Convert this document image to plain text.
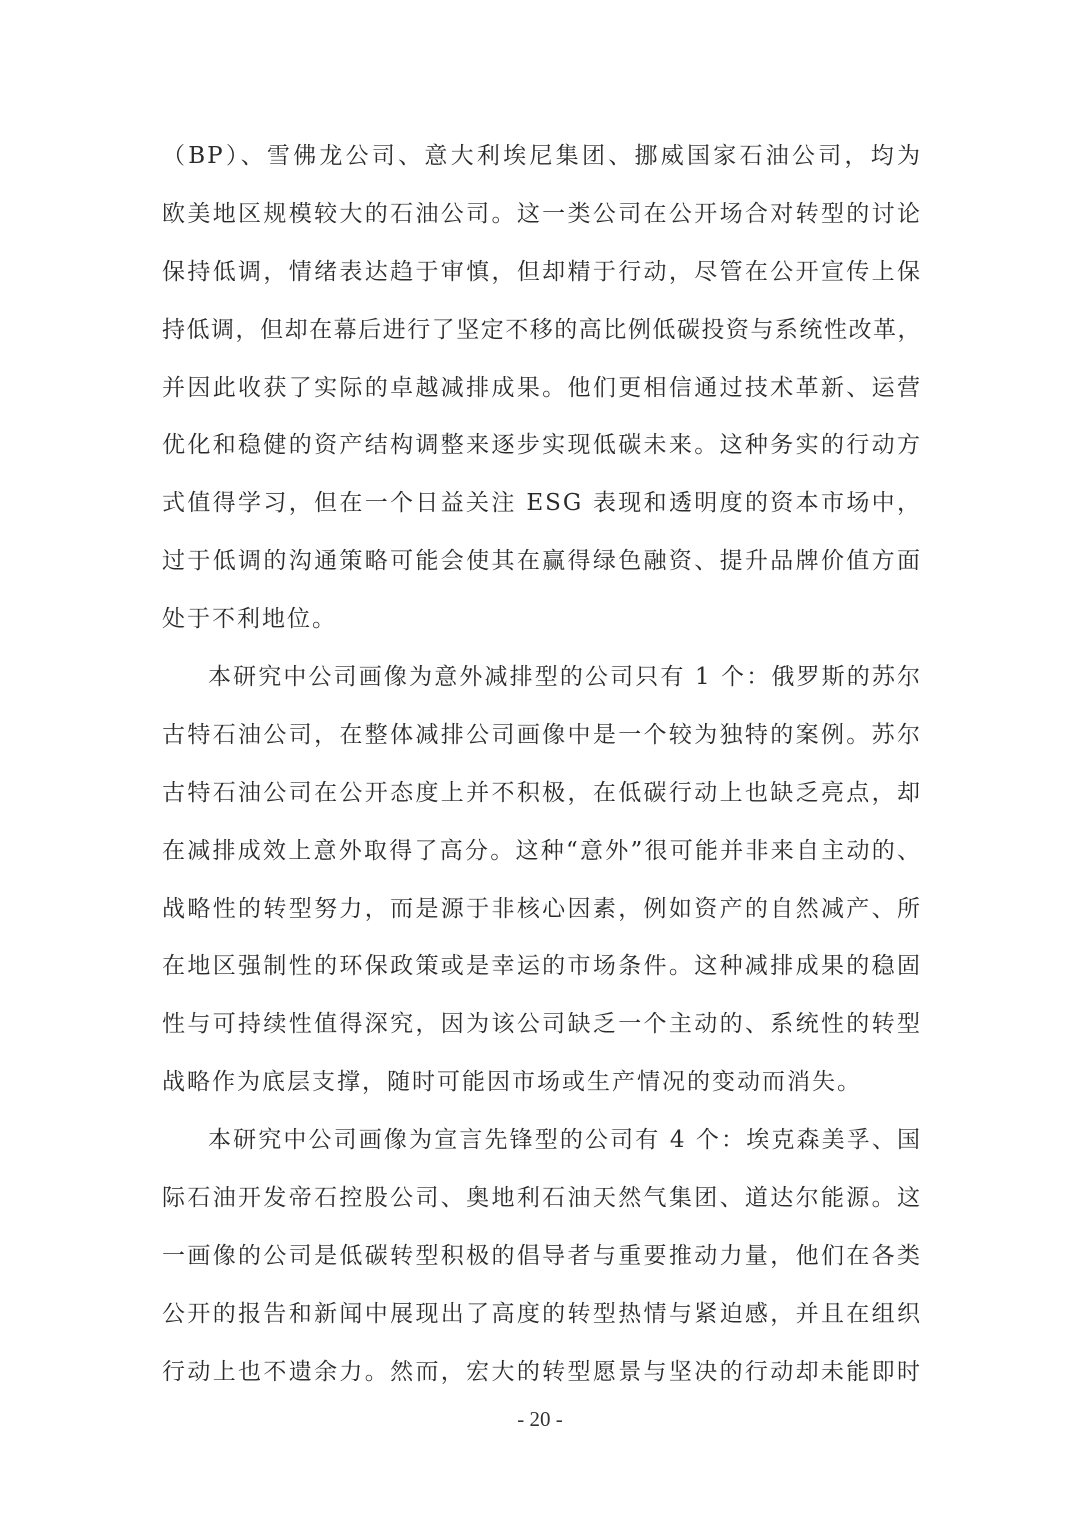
（BP）、雪佛龙公司、意大利埃尼集团、挪威国家石油公司，均为
欧美地区规模较大的石油公司。这一类公司在公开场合对转型的讨论
保持低调，情绪表达趋于审慎，但却精于行动，尽管在公开宣传上保
持低调，但却在幕后进行了坚定不移的高比例低碳投资与系统性改革，
并因此收获了实际的卓越减排成果。他们更相信通过技术革新、运营
优化和稳健的资产结构调整来逐步实现低碳未来。这种务实的行动方
式值得学习，但在一个日益关注 ESG 表现和透明度的资本市场中，
过于低调的沟通策略可能会使其在赢得绿色融资、提升品牌价值方面
处于不利地位。
本研究中公司画像为意外减排型的公司只有 1 个：俄罗斯的苏尔
古特石油公司，在整体减排公司画像中是一个较为独特的案例。苏尔
古特石油公司在公开态度上并不积极，在低碳行动上也缺乏亮点，却
在减排成效上意外取得了高分。这种“意外”很可能并非来自主动的、
战略性的转型努力，而是源于非核心因素，例如资产的自然减产、所
在地区强制性的环保政策或是幸运的市场条件。这种减排成果的稳固
性与可持续性值得深究，因为该公司缺乏一个主动的、系统性的转型
战略作为底层支撑，随时可能因市场或生产情况的变动而消失。
本研究中公司画像为宣言先锋型的公司有 4 个：埃克森美孚、国
际石油开发帝石控股公司、奥地利石油天然气集团、道达尔能源。这
一画像的公司是低碳转型积极的倡导者与重要推动力量，他们在各类
公开的报告和新闻中展现出了高度的转型热情与紧迫感，并且在组织
行动上也不遗余力。然而，宏大的转型愿景与坚决的行动却未能即时
- 20 -
